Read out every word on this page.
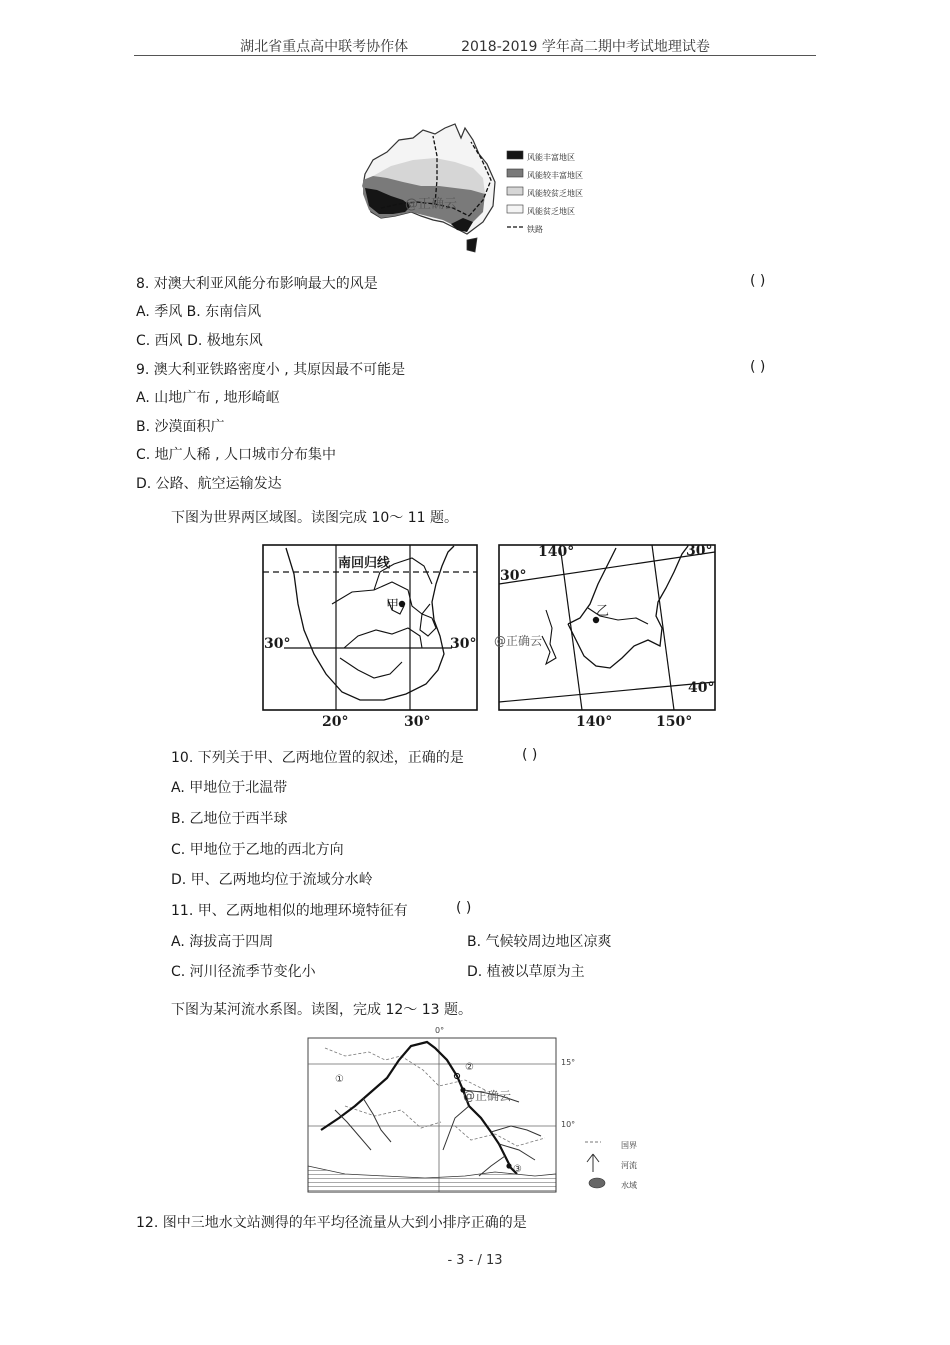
湖北省重点高中联考协作体	2018-2019 学年高二期中考试地理试卷
@正确云
风能丰富地区
风能较丰富地区
风能较贫乏地区
风能贫乏地区
铁路
8. 对澳大利亚风能分布影响最大的风是	( )
A. 季风 B. 东南信风
C. 西风 D. 极地东风
9. 澳大利亚铁路密度小 , 其原因最不可能是	( )
A. 山地广布 , 地形崎岖
B. 沙漠面积广
C. 地广人稀 , 人口城市分布集中
D. 公路、航空运输发达
下图为世界两区域图。读图完成 10～ 11 题。
南回归线
甲
30°	30°
20°	30°
140°	30°
30°
乙
@正确云
40°
140°	150°
10. 下列关于甲、乙两地位置的叙述，正确的是	( )
A. 甲地位于北温带
B. 乙地位于西半球
C. 甲地位于乙地的西北方向
D. 甲、乙两地均位于流域分水岭
11. 甲、乙两地相似的地理环境特征有	( )
A. 海拔高于四周	B. 气候较周边地区凉爽
C. 河川径流季节变化小	D. 植被以草原为主
下图为某河流水系图。读图，完成 12～ 13 题。
0°
15°
10°
①
②
③
@正确云
国界
河流
水域
12. 图中三地水文站测得的年平均径流量从大到小排序正确的是
- 3 - / 13
